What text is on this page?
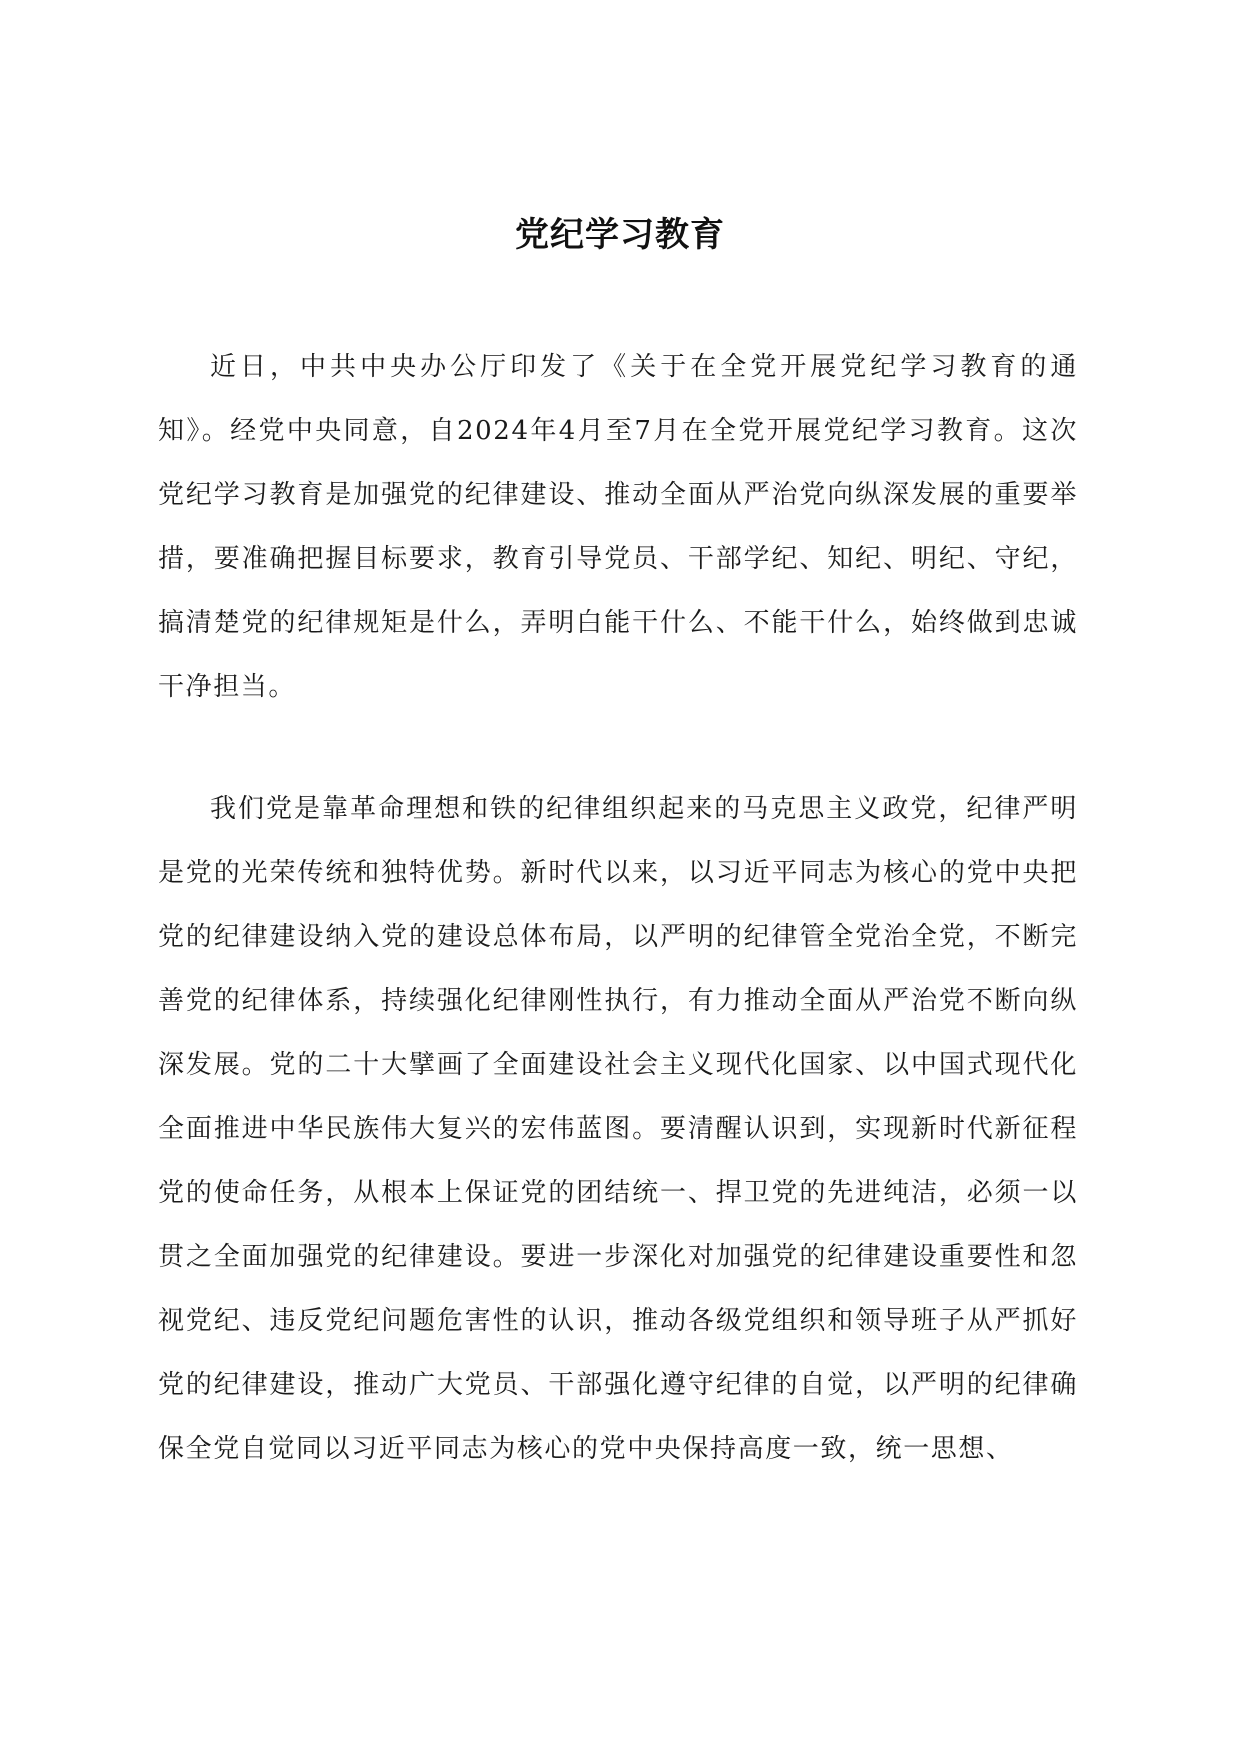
党纪学习教育

近日，中共中央办公厅印发了《关于在全党开展党纪学习教育的通知》。经党中央同意，自2024年4月至7月在全党开展党纪学习教育。这次党纪学习教育是加强党的纪律建设、推动全面从严治党向纵深发展的重要举措，要准确把握目标要求，教育引导党员、干部学纪、知纪、明纪、守纪，搞清楚党的纪律规矩是什么，弄明白能干什么、不能干什么，始终做到忠诚干净担当。

我们党是靠革命理想和铁的纪律组织起来的马克思主义政党，纪律严明是党的光荣传统和独特优势。新时代以来，以习近平同志为核心的党中央把党的纪律建设纳入党的建设总体布局，以严明的纪律管全党治全党，不断完善党的纪律体系，持续强化纪律刚性执行，有力推动全面从严治党不断向纵深发展。党的二十大擘画了全面建设社会主义现代化国家、以中国式现代化全面推进中华民族伟大复兴的宏伟蓝图。要清醒认识到，实现新时代新征程党的使命任务，从根本上保证党的团结统一、捍卫党的先进纯洁，必须一以贯之全面加强党的纪律建设。要进一步深化对加强党的纪律建设重要性和忽视党纪、违反党纪问题危害性的认识，推动各级党组织和领导班子从严抓好党的纪律建设，推动广大党员、干部强化遵守纪律的自觉，以严明的纪律确保全党自觉同以习近平同志为核心的党中央保持高度一致，统一思想、
